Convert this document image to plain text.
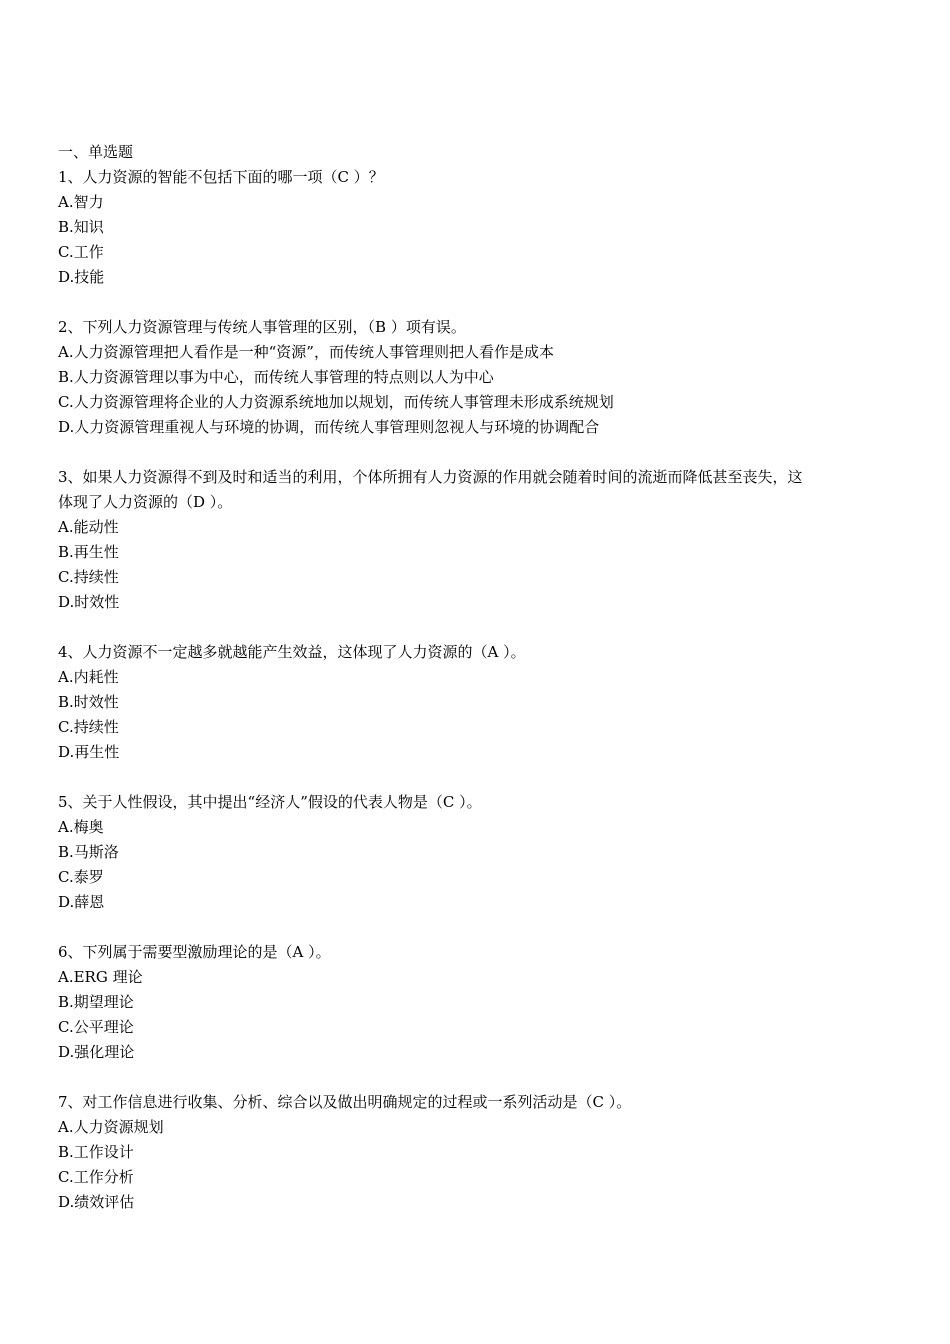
一、单选题
1、人力资源的智能不包括下面的哪一项（C ）？
A.智力
B.知识
C.工作
D.技能
2、下列人力资源管理与传统人事管理的区别，（B ）项有误。
A.人力资源管理把人看作是一种“资源”，而传统人事管理则把人看作是成本
B.人力资源管理以事为中心，而传统人事管理的特点则以人为中心
C.人力资源管理将企业的人力资源系统地加以规划，而传统人事管理未形成系统规划
D.人力资源管理重视人与环境的协调，而传统人事管理则忽视人与环境的协调配合
3、如果人力资源得不到及时和适当的利用，个体所拥有人力资源的作用就会随着时间的流逝而降低甚至丧失，这
体现了人力资源的（D ）。
A.能动性
B.再生性
C.持续性
D.时效性
4、人力资源不一定越多就越能产生效益，这体现了人力资源的（A ）。
A.内耗性
B.时效性
C.持续性
D.再生性
5、关于人性假设，其中提出“经济人”假设的代表人物是（C ）。
A.梅奥
B.马斯洛
C.泰罗
D.薛恩
6、下列属于需要型激励理论的是（A ）。
A.ERG 理论
B.期望理论
C.公平理论
D.强化理论
7、对工作信息进行收集、分析、综合以及做出明确规定的过程或一系列活动是（C ）。
A.人力资源规划
B.工作设计
C.工作分析
D.绩效评估
